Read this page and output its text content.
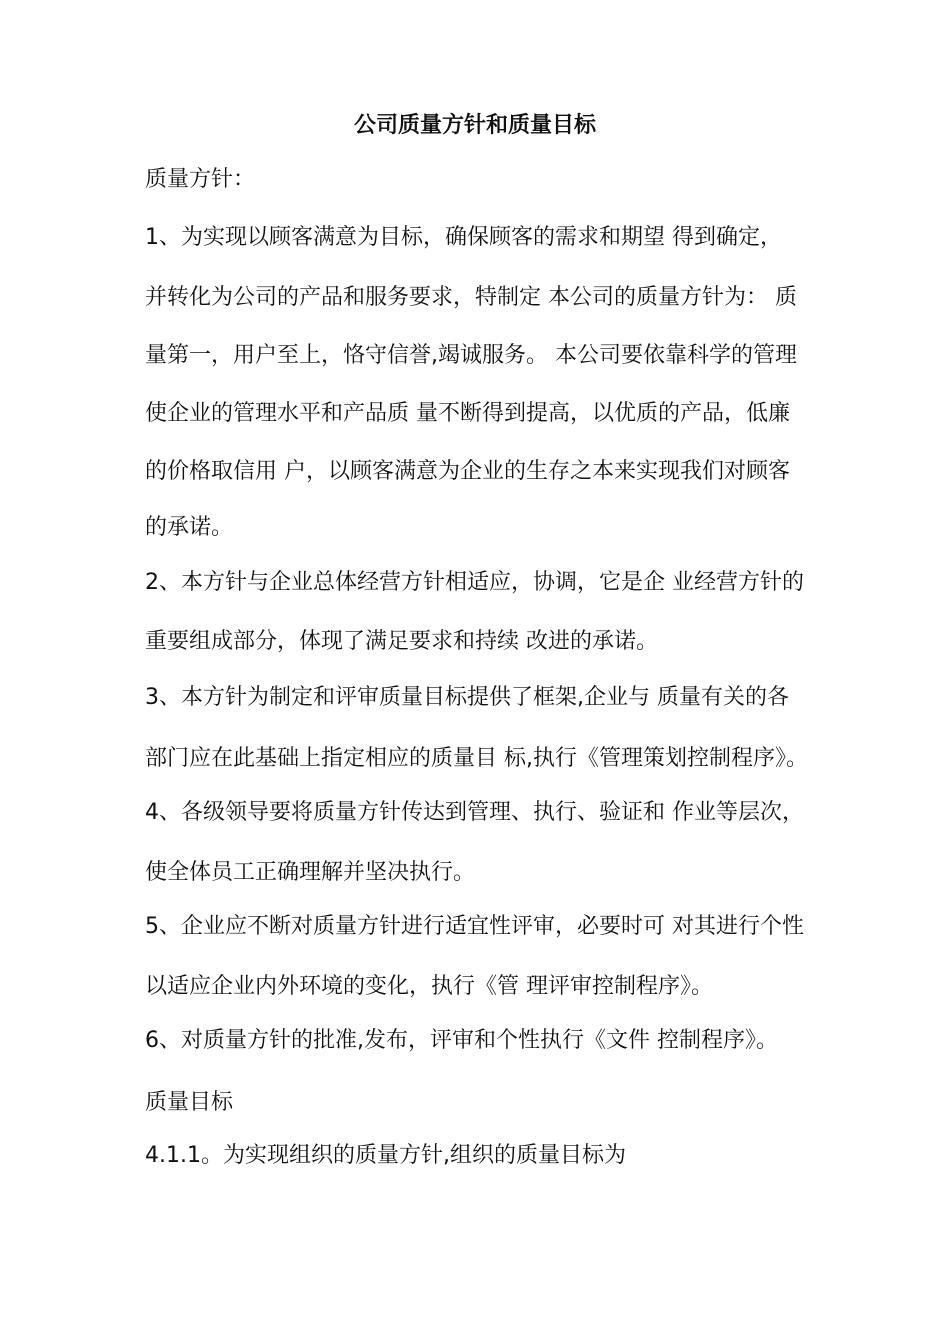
公司质量方针和质量目标
质量方针：
1、为实现以顾客满意为目标，确保顾客的需求和期望 得到确定，
并转化为公司的产品和服务要求，特制定 本公司的质量方针为： 质
量第一，用户至上，恪守信誉,竭诚服务。 本公司要依靠科学的管理
使企业的管理水平和产品质 量不断得到提高，以优质的产品，低廉
的价格取信用 户，以顾客满意为企业的生存之本来实现我们对顾客
的承诺。
2、本方针与企业总体经营方针相适应，协调，它是企 业经营方针的
重要组成部分，体现了满足要求和持续 改进的承诺。
3、本方针为制定和评审质量目标提供了框架,企业与 质量有关的各
部门应在此基础上指定相应的质量目 标,执行《管理策划控制程序》。
4、各级领导要将质量方针传达到管理、执行、验证和 作业等层次，
使全体员工正确理解并坚决执行。
5、企业应不断对质量方针进行适宜性评审，必要时可 对其进行个性
以适应企业内外环境的变化，执行《管 理评审控制程序》。
6、对质量方针的批准,发布，评审和个性执行《文件 控制程序》。
质量目标
4.1.1。为实现组织的质量方针,组织的质量目标为
